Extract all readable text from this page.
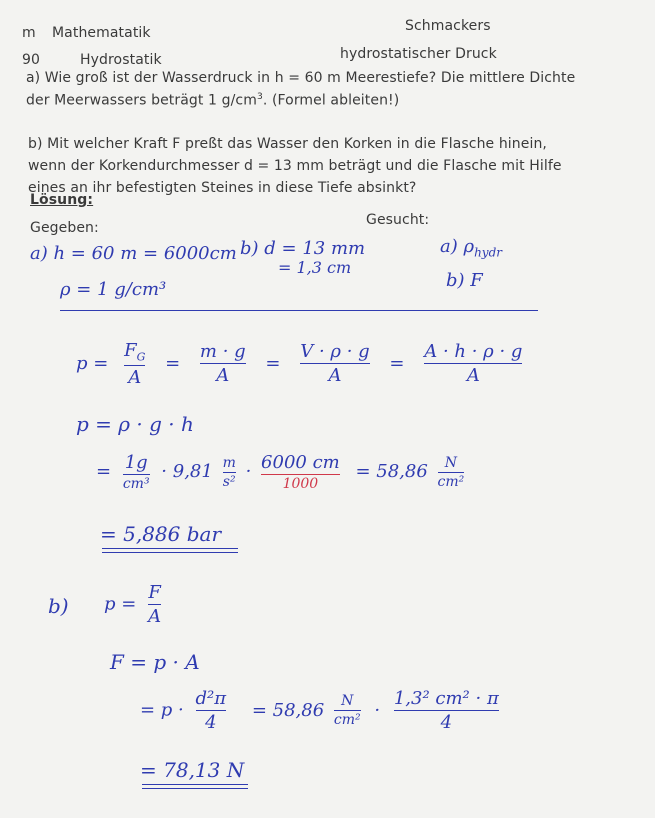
m Mathematatik	Schmackers
90	Hydrostatik	hydrostatischer Druck
a) Wie groß ist der Wasserdruck in h = 60 m Meerestiefe? Die mittlere Dichte
der Meerwassers beträgt 1 $g/cm^3$. (Formel ableiten!)
b) Mit welcher Kraft F preßt das Wasser den Korken in die Flasche hinein,
wenn der Korkendurchmesser d = 13 mm beträgt und die Flasche mit Hilfe
eines an ihr befestigten Steines in diese Tiefe absinkt?
Lösung:
Gegeben:	Gesucht:
a) h = 60 m = 6000cm b) d = 13 mm
= 1,3 cm
ρ = 1 g/cm³
a) $\rho_{hydr}$
b) F
$p = \frac{F_G}{A} = \frac{m \cdot g}{A} = \frac{V \cdot \rho \cdot g}{A} = \frac{A \cdot h \cdot \rho \cdot g}{A}$
p = ρ · g · h
= $\frac{1g}{\text{cm³}} \cdot 9,81 \frac{m}{\text{s²}} \cdot \frac{6000 cm}{1000} = 58,86 \frac{N}{\text{cm²}}$
= 5,886 bar
b) $p = \frac{F}{A}$
F = p · A
= $p \cdot \frac{\text{d²π}}{4} = 58,86 \frac{N}{\text{cm²}} \cdot \frac{\text{1,3² cm² · π}}{4}$
= 78,13 N
